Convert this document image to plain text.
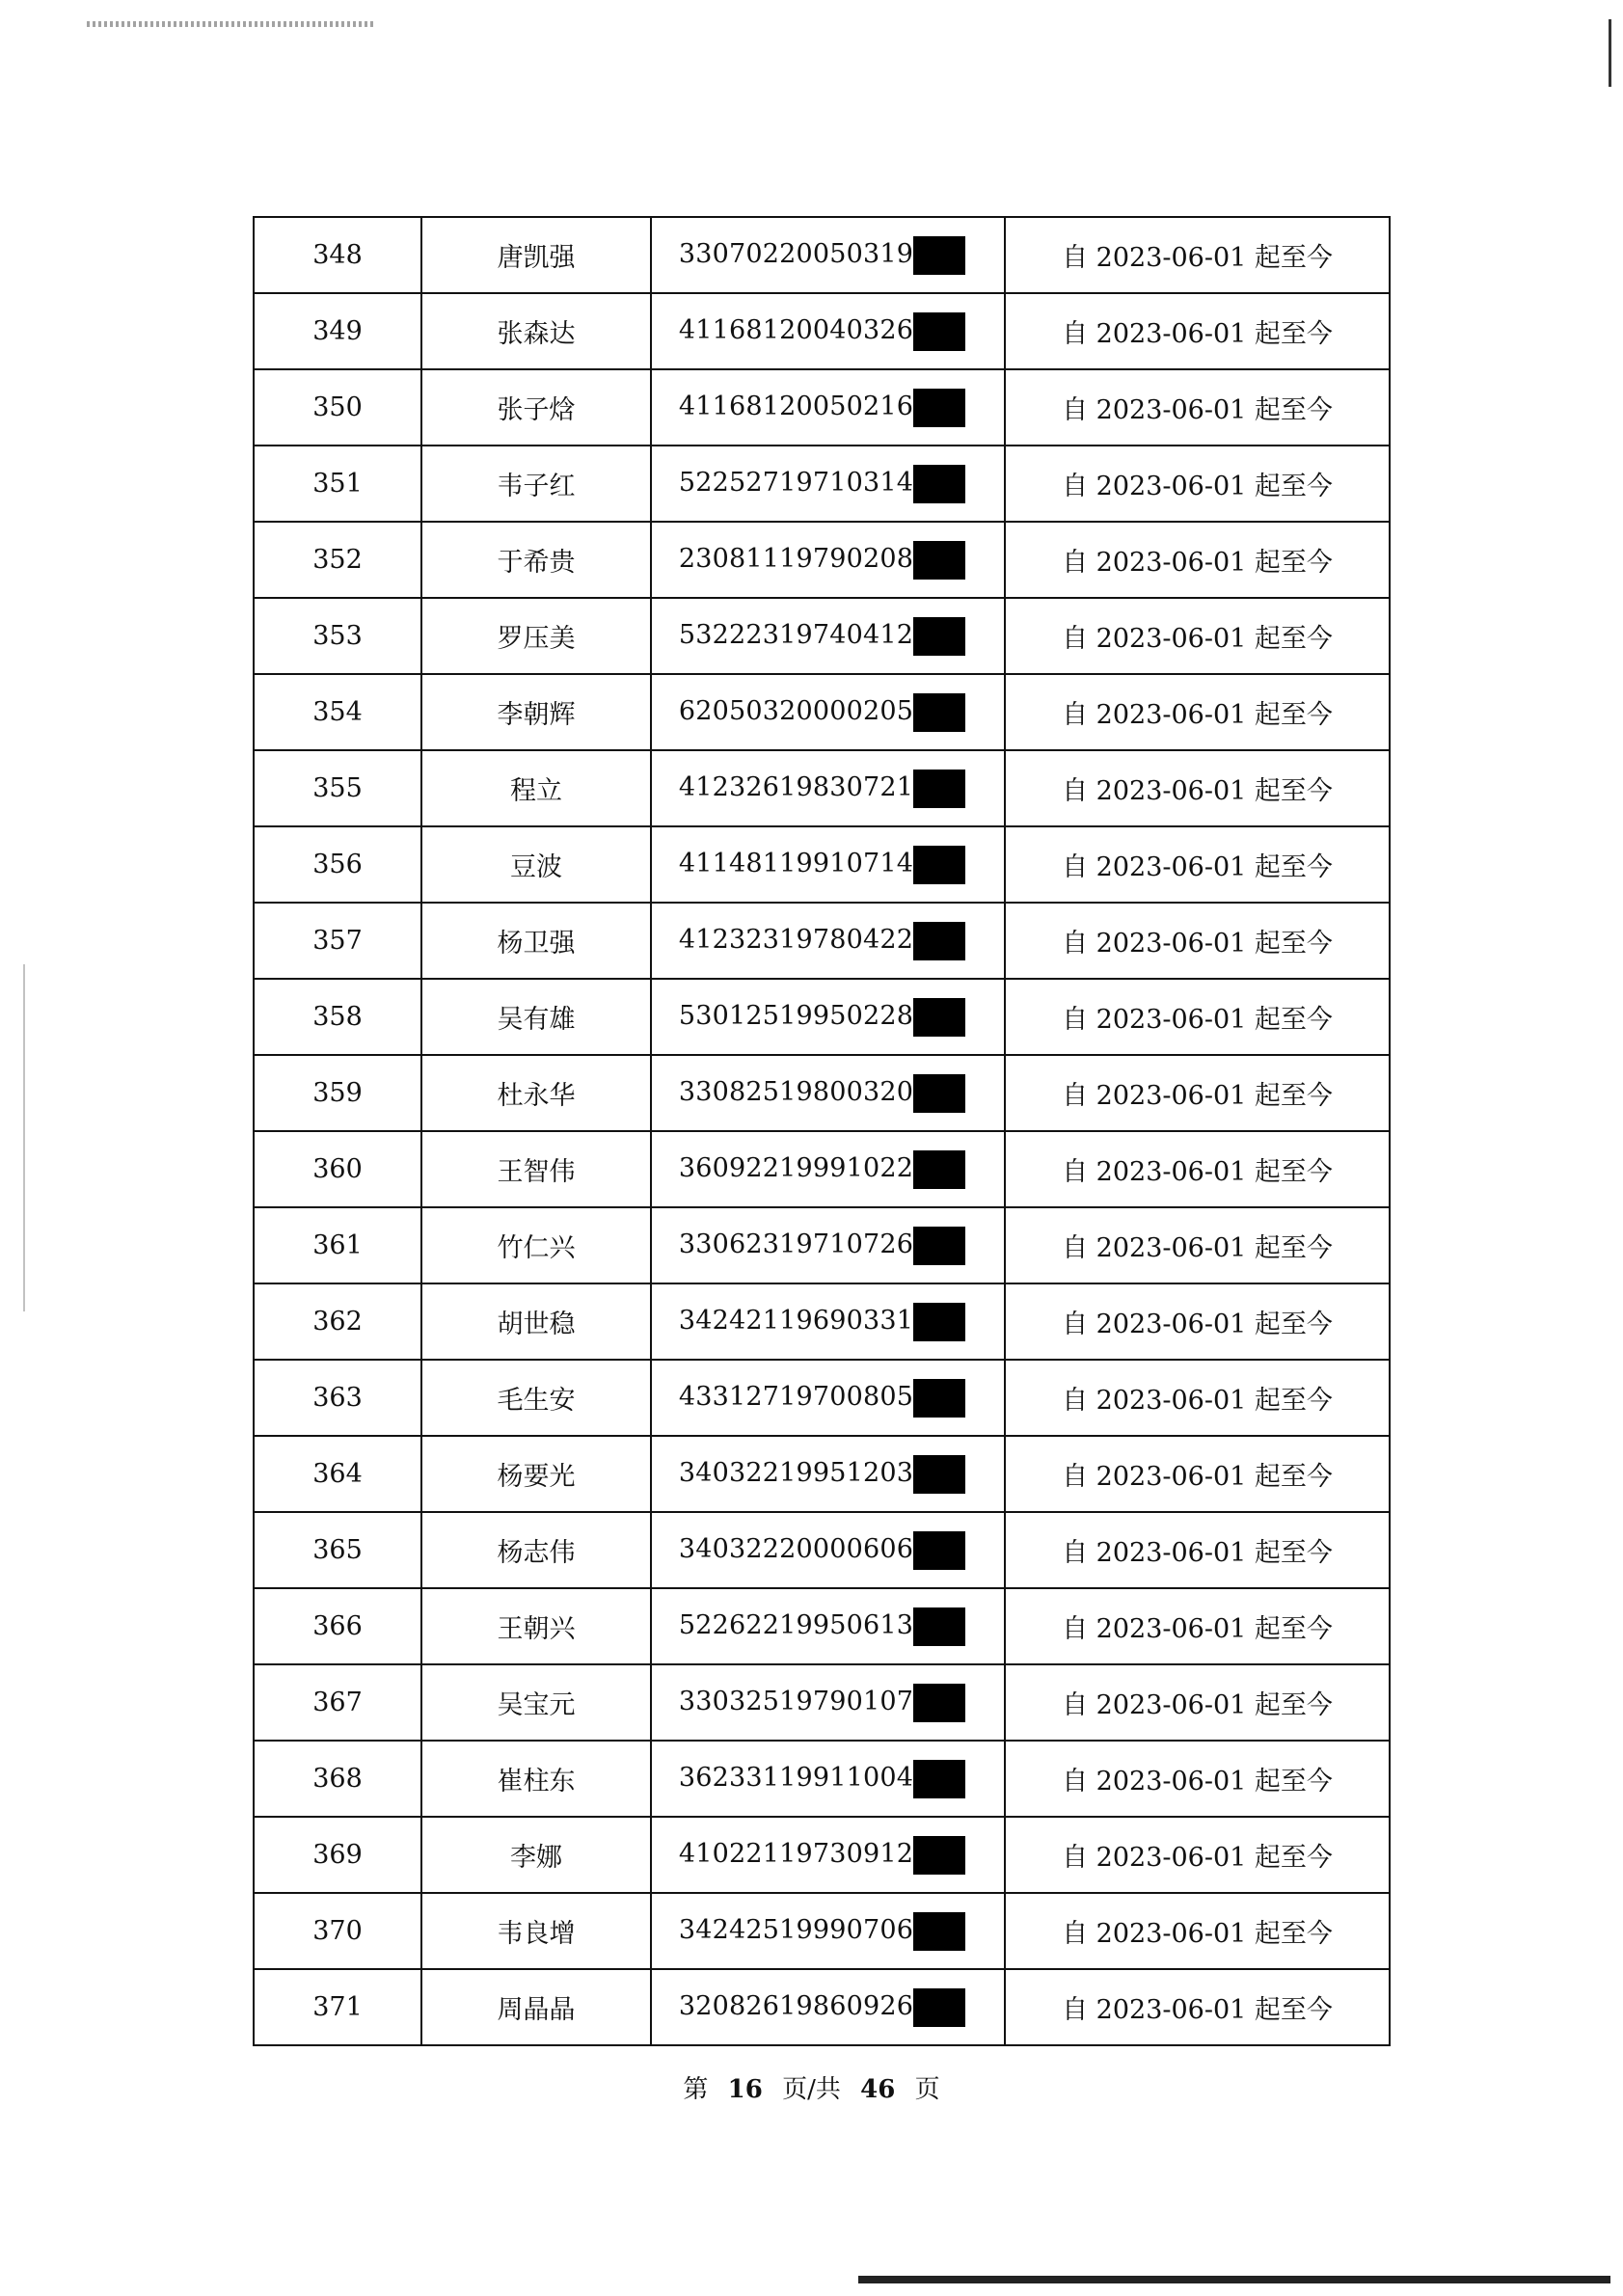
348	唐凯强	33070220050319	自 2023-06-01 起至今
349	张森达	41168120040326	自 2023-06-01 起至今
350	张子焓	41168120050216	自 2023-06-01 起至今
351	韦子红	52252719710314	自 2023-06-01 起至今
352	于希贵	23081119790208	自 2023-06-01 起至今
353	罗压美	53222319740412	自 2023-06-01 起至今
354	李朝辉	62050320000205	自 2023-06-01 起至今
355	程立	41232619830721	自 2023-06-01 起至今
356	豆波	41148119910714	自 2023-06-01 起至今
357	杨卫强	41232319780422	自 2023-06-01 起至今
358	吴有雄	53012519950228	自 2023-06-01 起至今
359	杜永华	33082519800320	自 2023-06-01 起至今
360	王智伟	36092219991022	自 2023-06-01 起至今
361	竹仁兴	33062319710726	自 2023-06-01 起至今
362	胡世稳	34242119690331	自 2023-06-01 起至今
363	毛生安	43312719700805	自 2023-06-01 起至今
364	杨要光	34032219951203	自 2023-06-01 起至今
365	杨志伟	34032220000606	自 2023-06-01 起至今
366	王朝兴	52262219950613	自 2023-06-01 起至今
367	吴宝元	33032519790107	自 2023-06-01 起至今
368	崔柱东	36233119911004	自 2023-06-01 起至今
369	李娜	41022119730912	自 2023-06-01 起至今
370	韦良增	34242519990706	自 2023-06-01 起至今
371	周晶晶	32082619860926	自 2023-06-01 起至今
第 16 页/共 46 页
